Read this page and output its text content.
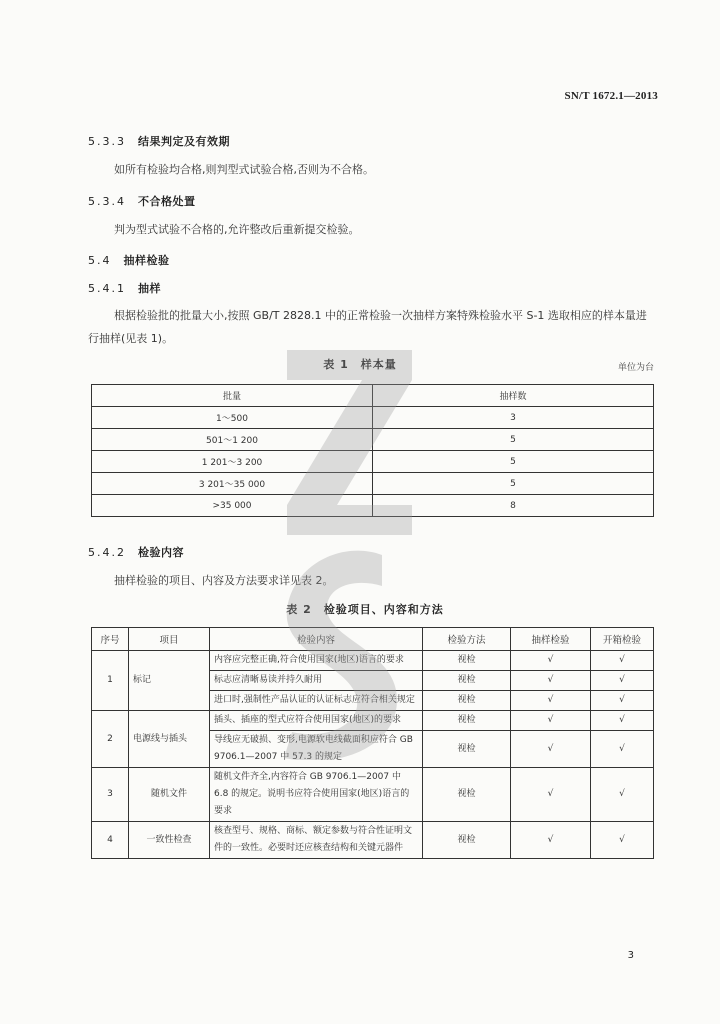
SN/T 1672.1—2013
5.3.3 结果判定及有效期
如所有检验均合格,则判型式试验合格,否则为不合格。
5.3.4 不合格处置
判为型式试验不合格的,允许整改后重新提交检验。
5.4 抽样检验
5.4.1 抽样
根据检验批的批量大小,按照 GB/T 2828.1 中的正常检验一次抽样方案特殊检验水平 S-1 选取相应的样本量进行抽样(见表 1)。
表 1　样本量	单位为台
批量	抽样数
1～500	3
501～1 200	5
1 201～3 200	5
3 201～35 000	5
>35 000	8
5.4.2 检验内容
抽样检验的项目、内容及方法要求详见表 2。
表 2　检验项目、内容和方法
序号	项目	检验内容	检验方法	抽样检验	开箱检验
1	标记	内容应完整正确,符合使用国家(地区)语言的要求	视检	√	√
		标志应清晰易读并持久耐用	视检	√	√
		进口时,强制性产品认证的认证标志应符合相关规定	视检	√	√
2	电源线与插头	插头、插座的型式应符合使用国家(地区)的要求	视检	√	√
		导线应无破损、变形,电源软电线截面积应符合 GB 9706.1—2007 中 57.3 的规定	视检	√	√
3	随机文件	随机文件齐全,内容符合 GB 9706.1—2007 中 6.8 的规定。说明书应符合使用国家(地区)语言的要求	视检	√	√
4	一致性检查	核查型号、规格、商标、额定参数与符合性证明文件的一致性。必要时还应核查结构和关键元器件	视检	√	√
3
